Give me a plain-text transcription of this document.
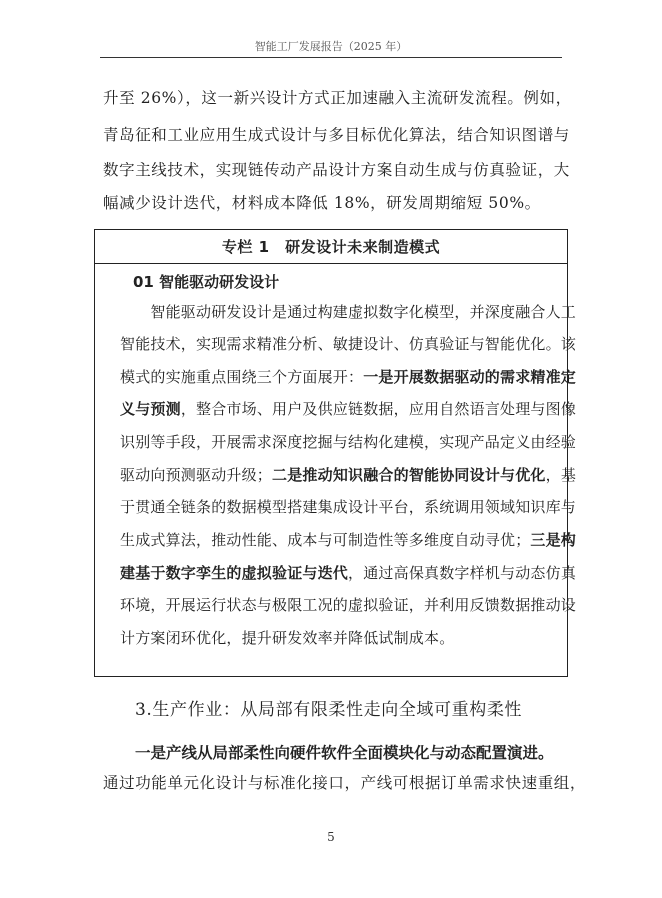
智能工厂发展报告（2025 年）
升至 26%），这一新兴设计方式正加速融入主流研发流程。例如，
青岛征和工业应用生成式设计与多目标优化算法，结合知识图谱与
数字主线技术，实现链传动产品设计方案自动生成与仿真验证，大
幅减少设计迭代，材料成本降低 18%，研发周期缩短 50%。
专栏 1　研发设计未来制造模式
01 智能驱动研发设计
　　智能驱动研发设计是通过构建虚拟数字化模型，并深度融合人工
智能技术，实现需求精准分析、敏捷设计、仿真验证与智能优化。该
模式的实施重点围绕三个方面展开：一是开展数据驱动的需求精准定
义与预测，整合市场、用户及供应链数据，应用自然语言处理与图像
识别等手段，开展需求深度挖掘与结构化建模，实现产品定义由经验
驱动向预测驱动升级；二是推动知识融合的智能协同设计与优化，基
于贯通全链条的数据模型搭建集成设计平台，系统调用领域知识库与
生成式算法，推动性能、成本与可制造性等多维度自动寻优；三是构
建基于数字孪生的虚拟验证与迭代，通过高保真数字样机与动态仿真
环境，开展运行状态与极限工况的虚拟验证，并利用反馈数据推动设
计方案闭环优化，提升研发效率并降低试制成本。
3.生产作业：从局部有限柔性走向全域可重构柔性
一是产线从局部柔性向硬件软件全面模块化与动态配置演进。
通过功能单元化设计与标准化接口，产线可根据订单需求快速重组，
5
